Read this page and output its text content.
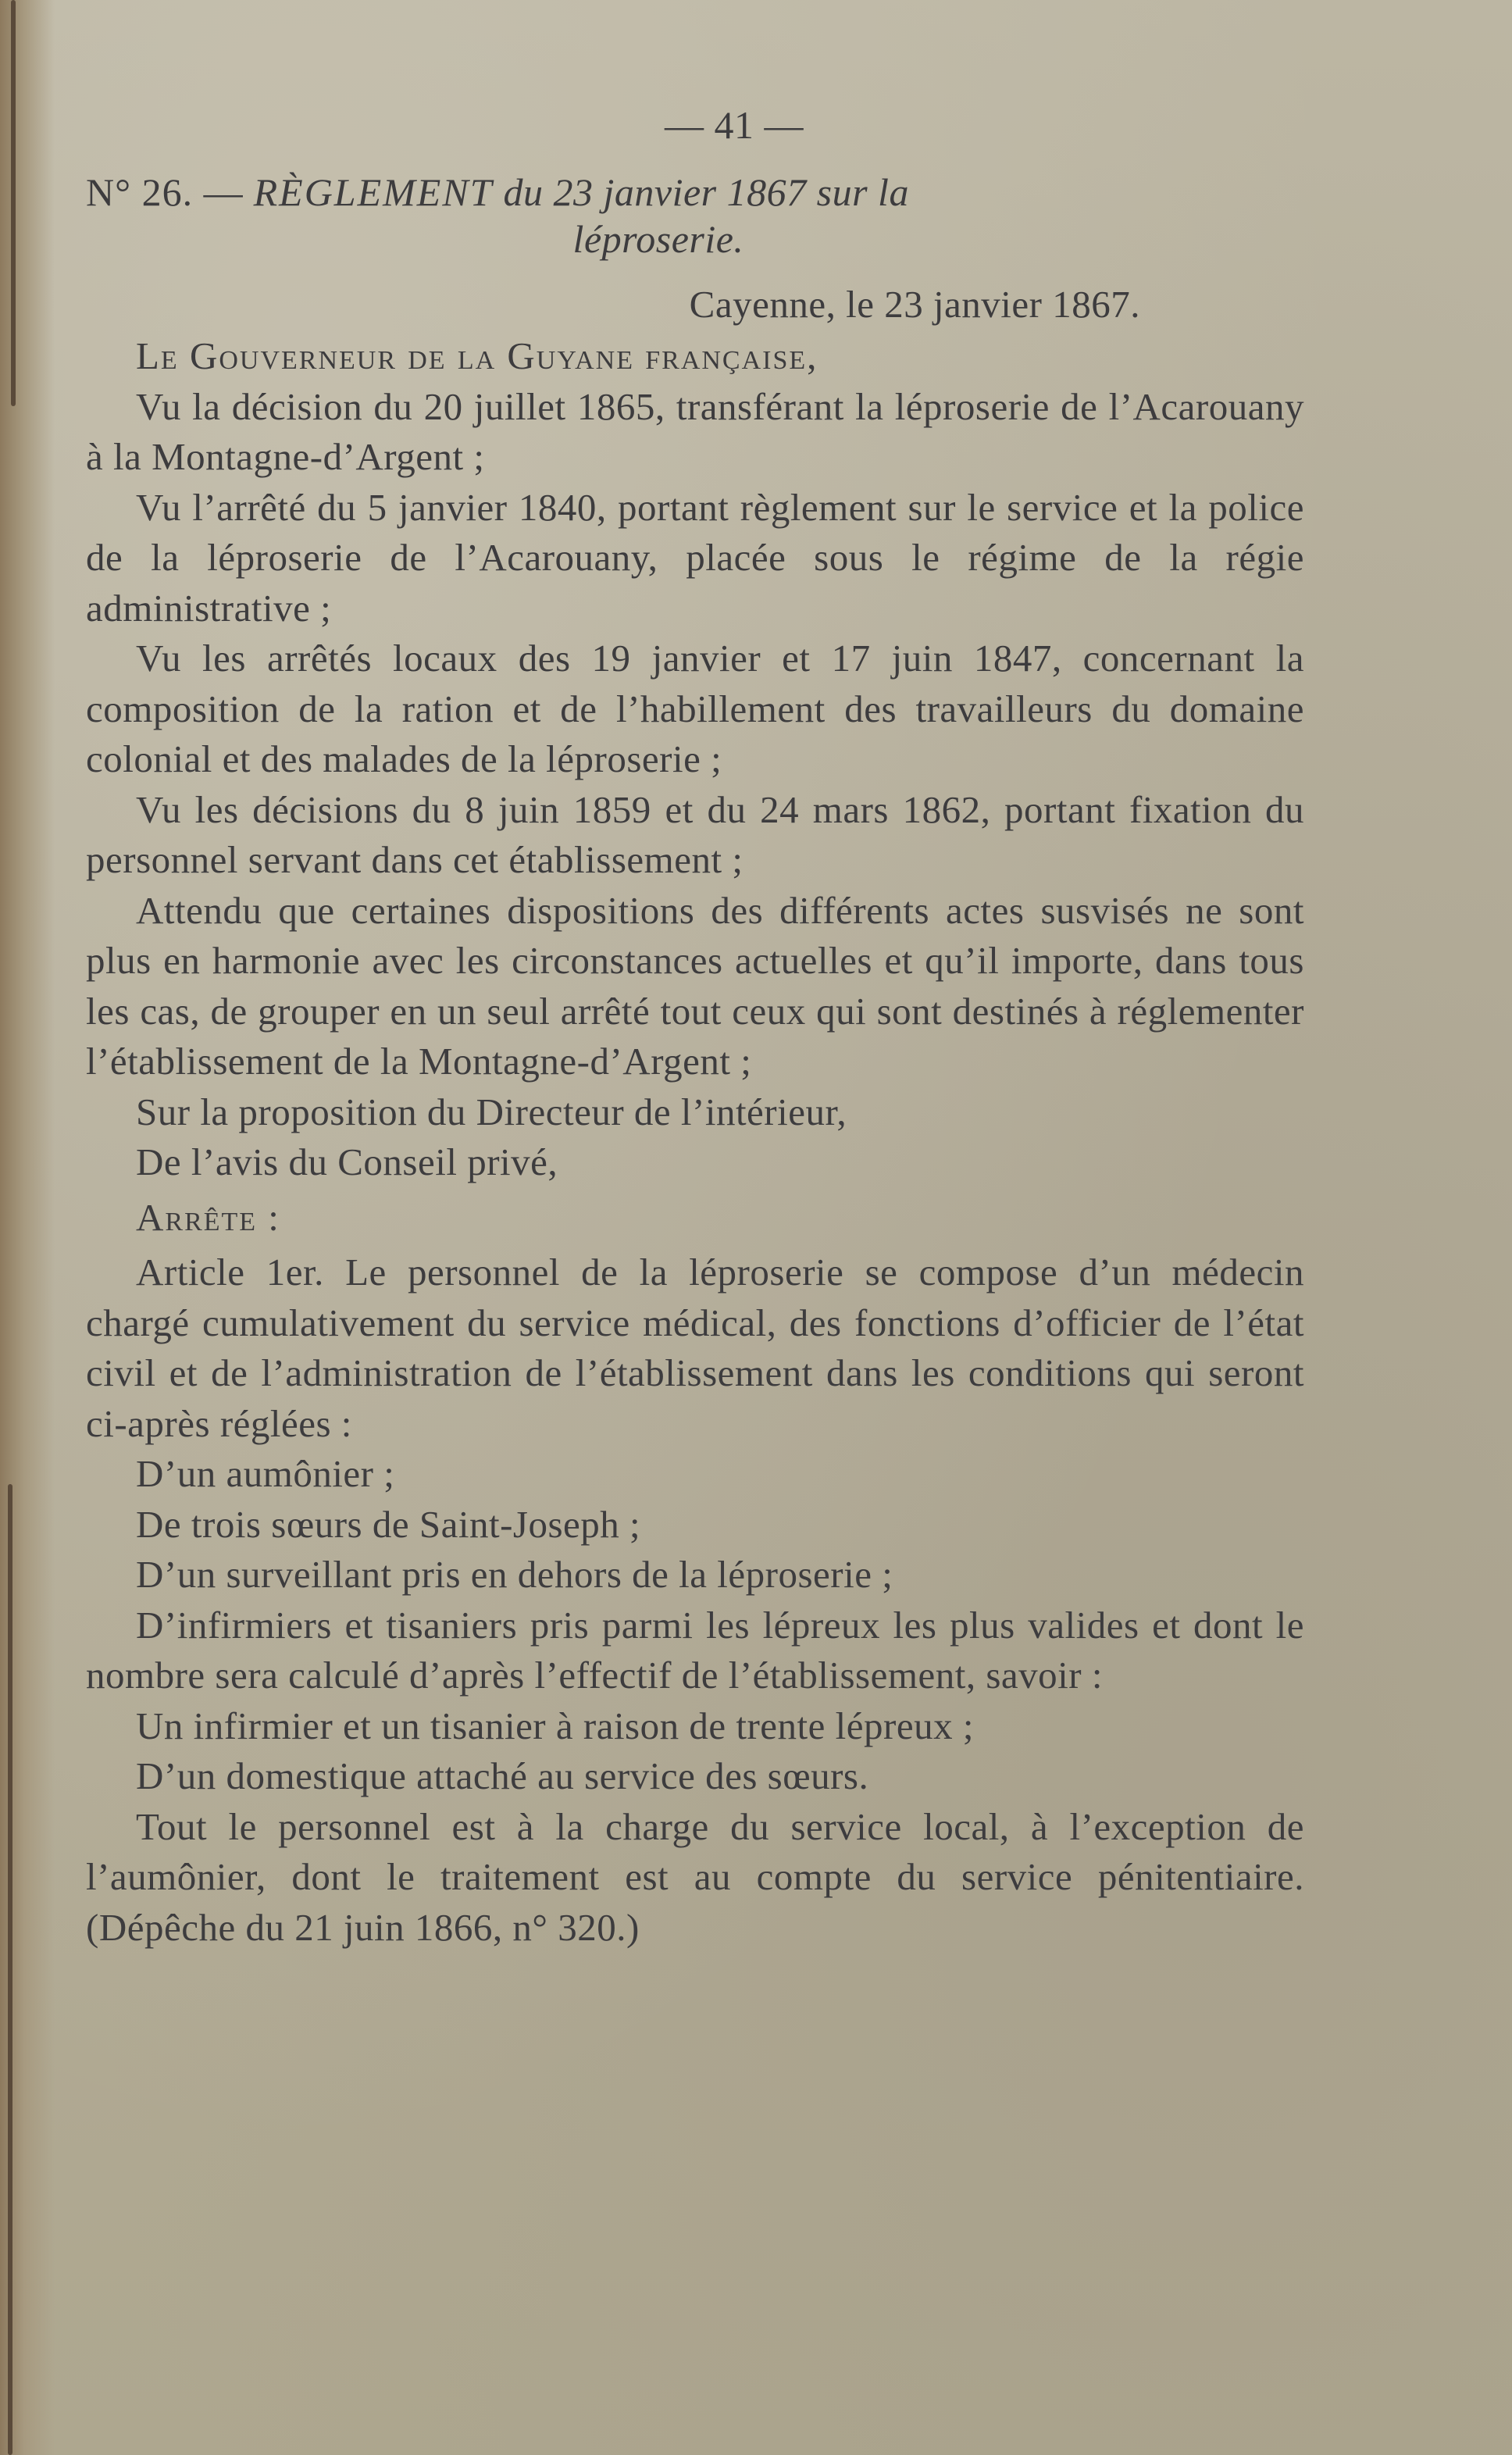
— 41 —
N° 26. — RÈGLEMENT du 23 janvier 1867 sur la
léproserie.
Cayenne, le 23 janvier 1867.

Le Gouverneur de la Guyane française,

Vu la décision du 20 juillet 1865, transférant la léproserie de l’Acarouany à la Montagne-d’Argent ;

Vu l’arrêté du 5 janvier 1840, portant règlement sur le service et la police de la léproserie de l’Acarouany, placée sous le régime de la régie administrative ;

Vu les arrêtés locaux des 19 janvier et 17 juin 1847, concernant la composition de la ration et de l’habillement des travailleurs du domaine colonial et des malades de la léproserie ;

Vu les décisions du 8 juin 1859 et du 24 mars 1862, portant fixation du personnel servant dans cet établissement ;

Attendu que certaines dispositions des différents actes susvisés ne sont plus en harmonie avec les circonstances actuelles et qu’il importe, dans tous les cas, de grouper en un seul arrêté tout ceux qui sont destinés à réglementer l’établissement de la Montagne-d’Argent ;

Sur la proposition du Directeur de l’intérieur,

De l’avis du Conseil privé,

Arrête :

Article 1er. Le personnel de la léproserie se compose d’un médecin chargé cumulativement du service médical, des fonctions d’officier de l’état civil et de l’administration de l’établissement dans les conditions qui seront ci-après réglées :

D’un aumônier ;

De trois sœurs de Saint-Joseph ;

D’un surveillant pris en dehors de la léproserie ;

D’infirmiers et tisaniers pris parmi les lépreux les plus valides et dont le nombre sera calculé d’après l’effectif de l’établissement, savoir :

Un infirmier et un tisanier à raison de trente lépreux ;

D’un domestique attaché au service des sœurs.

Tout le personnel est à la charge du service local, à l’exception de l’aumônier, dont le traitement est au compte du service pénitentiaire. (Dépêche du 21 juin 1866, n° 320.)
